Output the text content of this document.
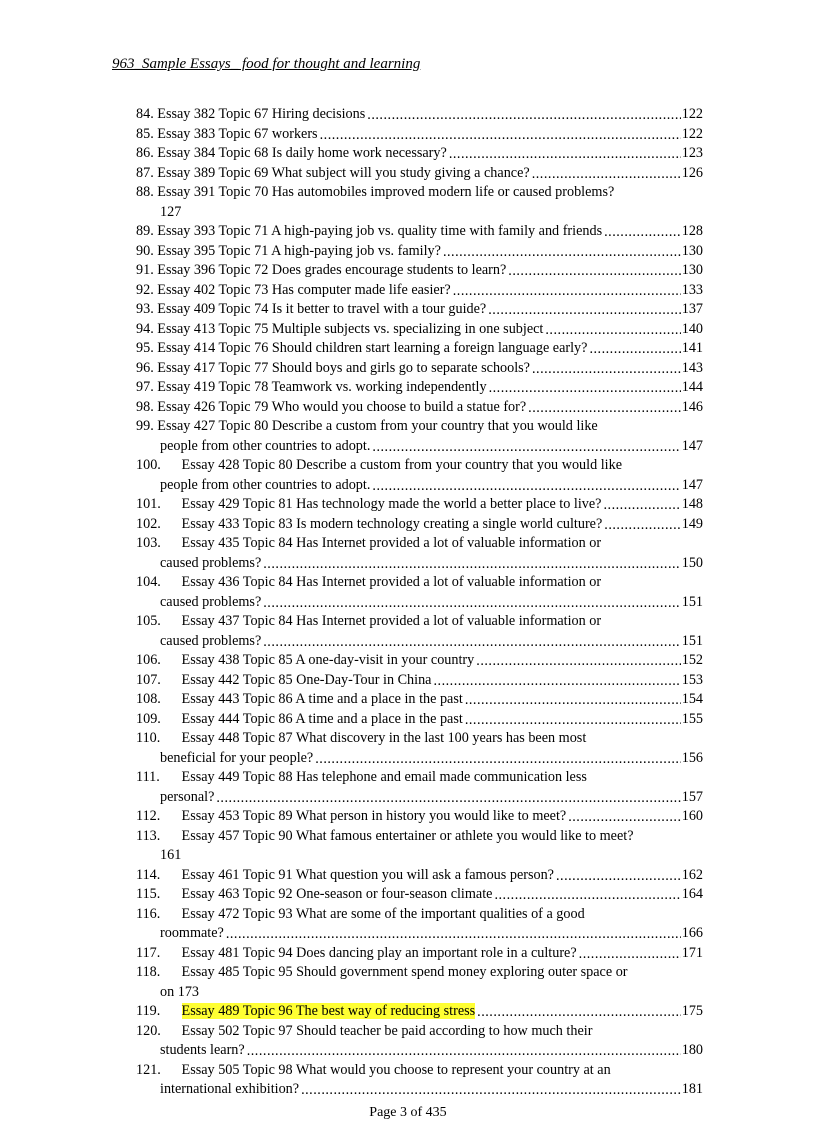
963_Sample Essays_ food for thought and learning
84. Essay 382 Topic 67 Hiring decisions	122
85. Essay 383 Topic 67 workers	122
86. Essay 384 Topic 68 Is daily home work necessary?	123
87. Essay 389 Topic 69 What subject will you study giving a chance?	126
88. Essay 391 Topic 70 Has automobiles improved modern life or caused problems?
127
89. Essay 393 Topic 71 A high-paying job vs. quality time with family and friends	128
90. Essay 395 Topic 71 A high-paying job vs. family?	130
91. Essay 396 Topic 72 Does grades encourage students to learn?	130
92. Essay 402 Topic 73 Has computer made life easier?	133
93. Essay 409 Topic 74 Is it better to travel with a tour guide?	137
94. Essay 413 Topic 75 Multiple subjects vs. specializing in one subject	140
95. Essay 414 Topic 76 Should children start learning a foreign language early?	141
96. Essay 417 Topic 77 Should boys and girls go to separate schools?	143
97. Essay 419 Topic 78 Teamwork vs. working independently	144
98. Essay 426 Topic 79 Who would you choose to build a statue for?	146
99. Essay 427 Topic 80 Describe a custom from your country that you would like
people from other countries to adopt.	147
100. Essay 428 Topic 80 Describe a custom from your country that you would like
people from other countries to adopt.	147
101. Essay 429 Topic 81 Has technology made the world a better place to live?	148
102. Essay 433 Topic 83 Is modern technology creating a single world culture?	149
103. Essay 435 Topic 84 Has Internet provided a lot of valuable information or
caused problems?	150
104. Essay 436 Topic 84 Has Internet provided a lot of valuable information or
caused problems?	151
105. Essay 437 Topic 84 Has Internet provided a lot of valuable information or
caused problems?	151
106. Essay 438 Topic 85 A one-day-visit in your country	152
107. Essay 442 Topic 85 One-Day-Tour in China	153
108. Essay 443 Topic 86 A time and a place in the past	154
109. Essay 444 Topic 86 A time and a place in the past	155
110. Essay 448 Topic 87 What discovery in the last 100 years has been most
beneficial for your people?	156
111. Essay 449 Topic 88 Has telephone and email made communication less
personal?	157
112. Essay 453 Topic 89 What person in history you would like to meet?	160
113. Essay 457 Topic 90 What famous entertainer or athlete you would like to meet?
161
114. Essay 461 Topic 91 What question you will ask a famous person?	162
115. Essay 463 Topic 92 One-season or four-season climate	164
116. Essay 472 Topic 93 What are some of the important qualities of a good
roommate?	166
117. Essay 481 Topic 94 Does dancing play an important role in a culture?	171
118. Essay 485 Topic 95 Should government spend money exploring outer space or
on 173
119. Essay 489 Topic 96 The best way of reducing stress	175
120. Essay 502 Topic 97 Should teacher be paid according to how much their
students learn?	180
121. Essay 505 Topic 98 What would you choose to represent your country at an
international exhibition?	181
Page 3 of 435
